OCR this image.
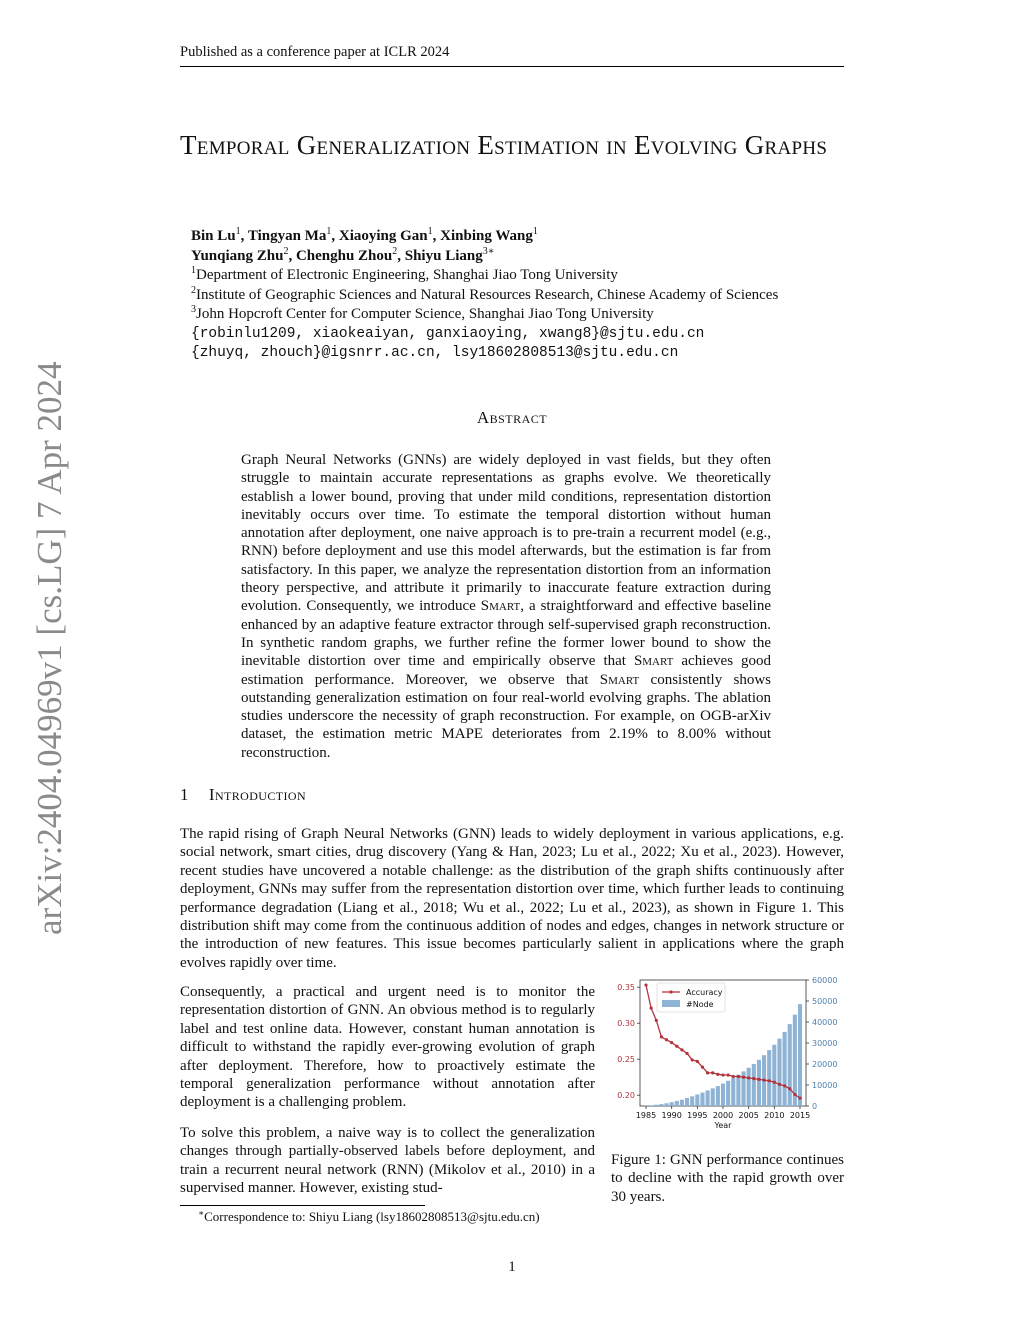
Published as a conference paper at ICLR 2024
Temporal Generalization Estimation in Evolving Graphs
Bin Lu$^1$, Tingyan Ma$^1$, Xiaoying Gan$^1$, Xinbing Wang$^1$
Yunqiang Zhu$^2$, Chenghu Zhou$^2$, Shiyu Liang$^{3∗}$
$^1$Department of Electronic Engineering, Shanghai Jiao Tong University
$^2$Institute of Geographic Sciences and Natural Resources Research, Chinese Academy of Sciences
$^3$John Hopcroft Center for Computer Science, Shanghai Jiao Tong University
{robinlu1209, xiaokeaiyan, ganxiaoying, xwang8}@sjtu.edu.cn
{zhuyq, zhouch}@igsnrr.ac.cn, lsy18602808513@sjtu.edu.cn
arXiv:2404.04969v1 [cs.LG] 7 Apr 2024	Abstract
Graph Neural Networks (GNNs) are widely deployed in vast fields, but they often struggle to maintain accurate representations as graphs evolve. We theoretically establish a lower bound, proving that under mild conditions, representation distortion inevitably occurs over time. To estimate the temporal distortion without human annotation after deployment, one naive approach is to pre-train a recurrent model (e.g., RNN) before deployment and use this model afterwards, but the estimation is far from satisfactory. In this paper, we analyze the representation distortion from an information theory perspective, and attribute it primarily to inaccurate feature extraction during evolution. Consequently, we introduce Smart, a straightforward and effective baseline enhanced by an adaptive feature extractor through self-supervised graph reconstruction. In synthetic random graphs, we further refine the former lower bound to show the inevitable distortion over time and empirically observe that Smart achieves good estimation performance. Moreover, we observe that Smart consistently shows outstanding generalization estimation on four real-world evolving graphs. The ablation studies underscore the necessity of graph reconstruction. For example, on OGB-arXiv dataset, the estimation metric MAPE deteriorates from 2.19% to 8.00% without reconstruction.
1 Introduction
The rapid rising of Graph Neural Networks (GNN) leads to widely deployment in various applications, e.g. social network, smart cities, drug discovery (Yang & Han, 2023; Lu et al., 2022; Xu et al., 2023). However, recent studies have uncovered a notable challenge: as the distribution of the graph shifts continuously after deployment, GNNs may suffer from the representation distortion over time, which further leads to continuing performance degradation (Liang et al., 2018; Wu et al., 2022; Lu et al., 2023), as shown in Figure 1. This distribution shift may come from the continuous addition of nodes and edges, changes in network structure or the introduction of new features. This issue becomes particularly salient in applications where the graph evolves rapidly over time.
Consequently, a practical and urgent need is to monitor the representation distortion of GNN. An obvious method is to regularly label and test online data. However, constant human annotation is difficult to withstand the rapidly ever-growing evolution of graph after deployment. Therefore, how to proactively estimate the temporal generalization performance without annotation after deployment is a challenging problem.
To solve this problem, a naive way is to collect the generalization changes through partially-observed labels before deployment, and train a recurrent neural network (RNN) (Mikolov et al., 2010) in a supervised manner. However, existing stud-
0.20
0.25
0.30
0.35
0
10000
20000
30000
40000
50000
60000
1985 1990 1995 2000 2005 2010 2015
Year
Accuracy
#Node
Figure 1: GNN performance continues to decline with the rapid growth over 30 years.
∗Correspondence to: Shiyu Liang (lsy18602808513@sjtu.edu.cn)
1
